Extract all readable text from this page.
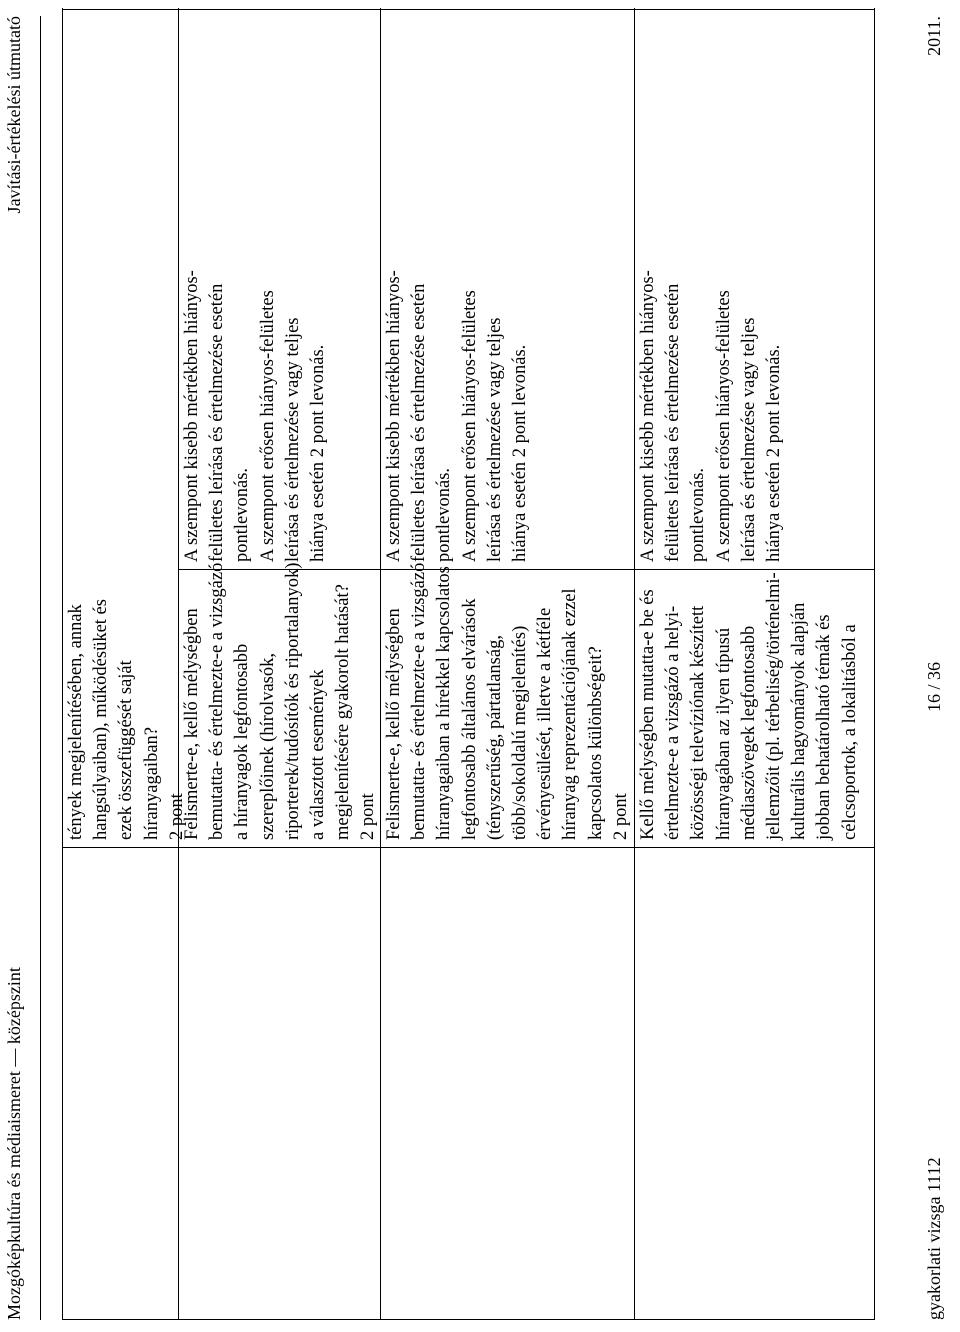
Mozgóképkultúra és médiaismeret — középszint
Javítási-értékelési útmutató
tények megjelenítésében, annak hangsúlyaiban), működésüket és ezek összefüggését saját híranyagaiban? 2 pont
Felismerte-e, kellő mélységben bemutatta- és értelmezte-e a vizsgázó a híranyagok legfontosabb szereplőinek (hírolvasók, riporterek/tudósítók és riportalanyok) a választott események megjelenítésére gyakorolt hatását? 2 pont
A szempont kisebb mértékben hiányos- felületes leírása és értelmezése esetén pontlevonás. A szempont erősen hiányos-felületes leírása és értelmezése vagy teljes hiánya esetén 2 pont levonás.
Felismerte-e, kellő mélységben bemutatta- és értelmezte-e a vizsgázó híranyagaiban a hírekkel kapcsolatos legfontosabb általános elvárások (tényszerűség, pártatlanság, több/sokoldalú megjelenítés) érvényesülését, illetve a kétféle híranyag reprezentációjának ezzel kapcsolatos különbségeit? 2 pont
A szempont kisebb mértékben hiányos- felületes leírása és értelmezése esetén pontlevonás. A szempont erősen hiányos-felületes leírása és értelmezése vagy teljes hiánya esetén 2 pont levonás.
Kellő mélységben mutatta-e be és értelmezte-e a vizsgázó a helyi- közösségi televíziónak készített híranyagában az ilyen típusú médiaszövegek legfontosabb jellemzőit (pl. térbeliség/történelmi- kulturális hagyományok alapján jobban behatárolható témák és célcsoportok, a lokalitásból a
A szempont kisebb mértékben hiányos- felületes leírása és értelmezése esetén pontlevonás. A szempont erősen hiányos-felületes leírása és értelmezése vagy teljes hiánya esetén 2 pont levonás.
gyakorlati vizsga 1112
16 / 36
2011.
